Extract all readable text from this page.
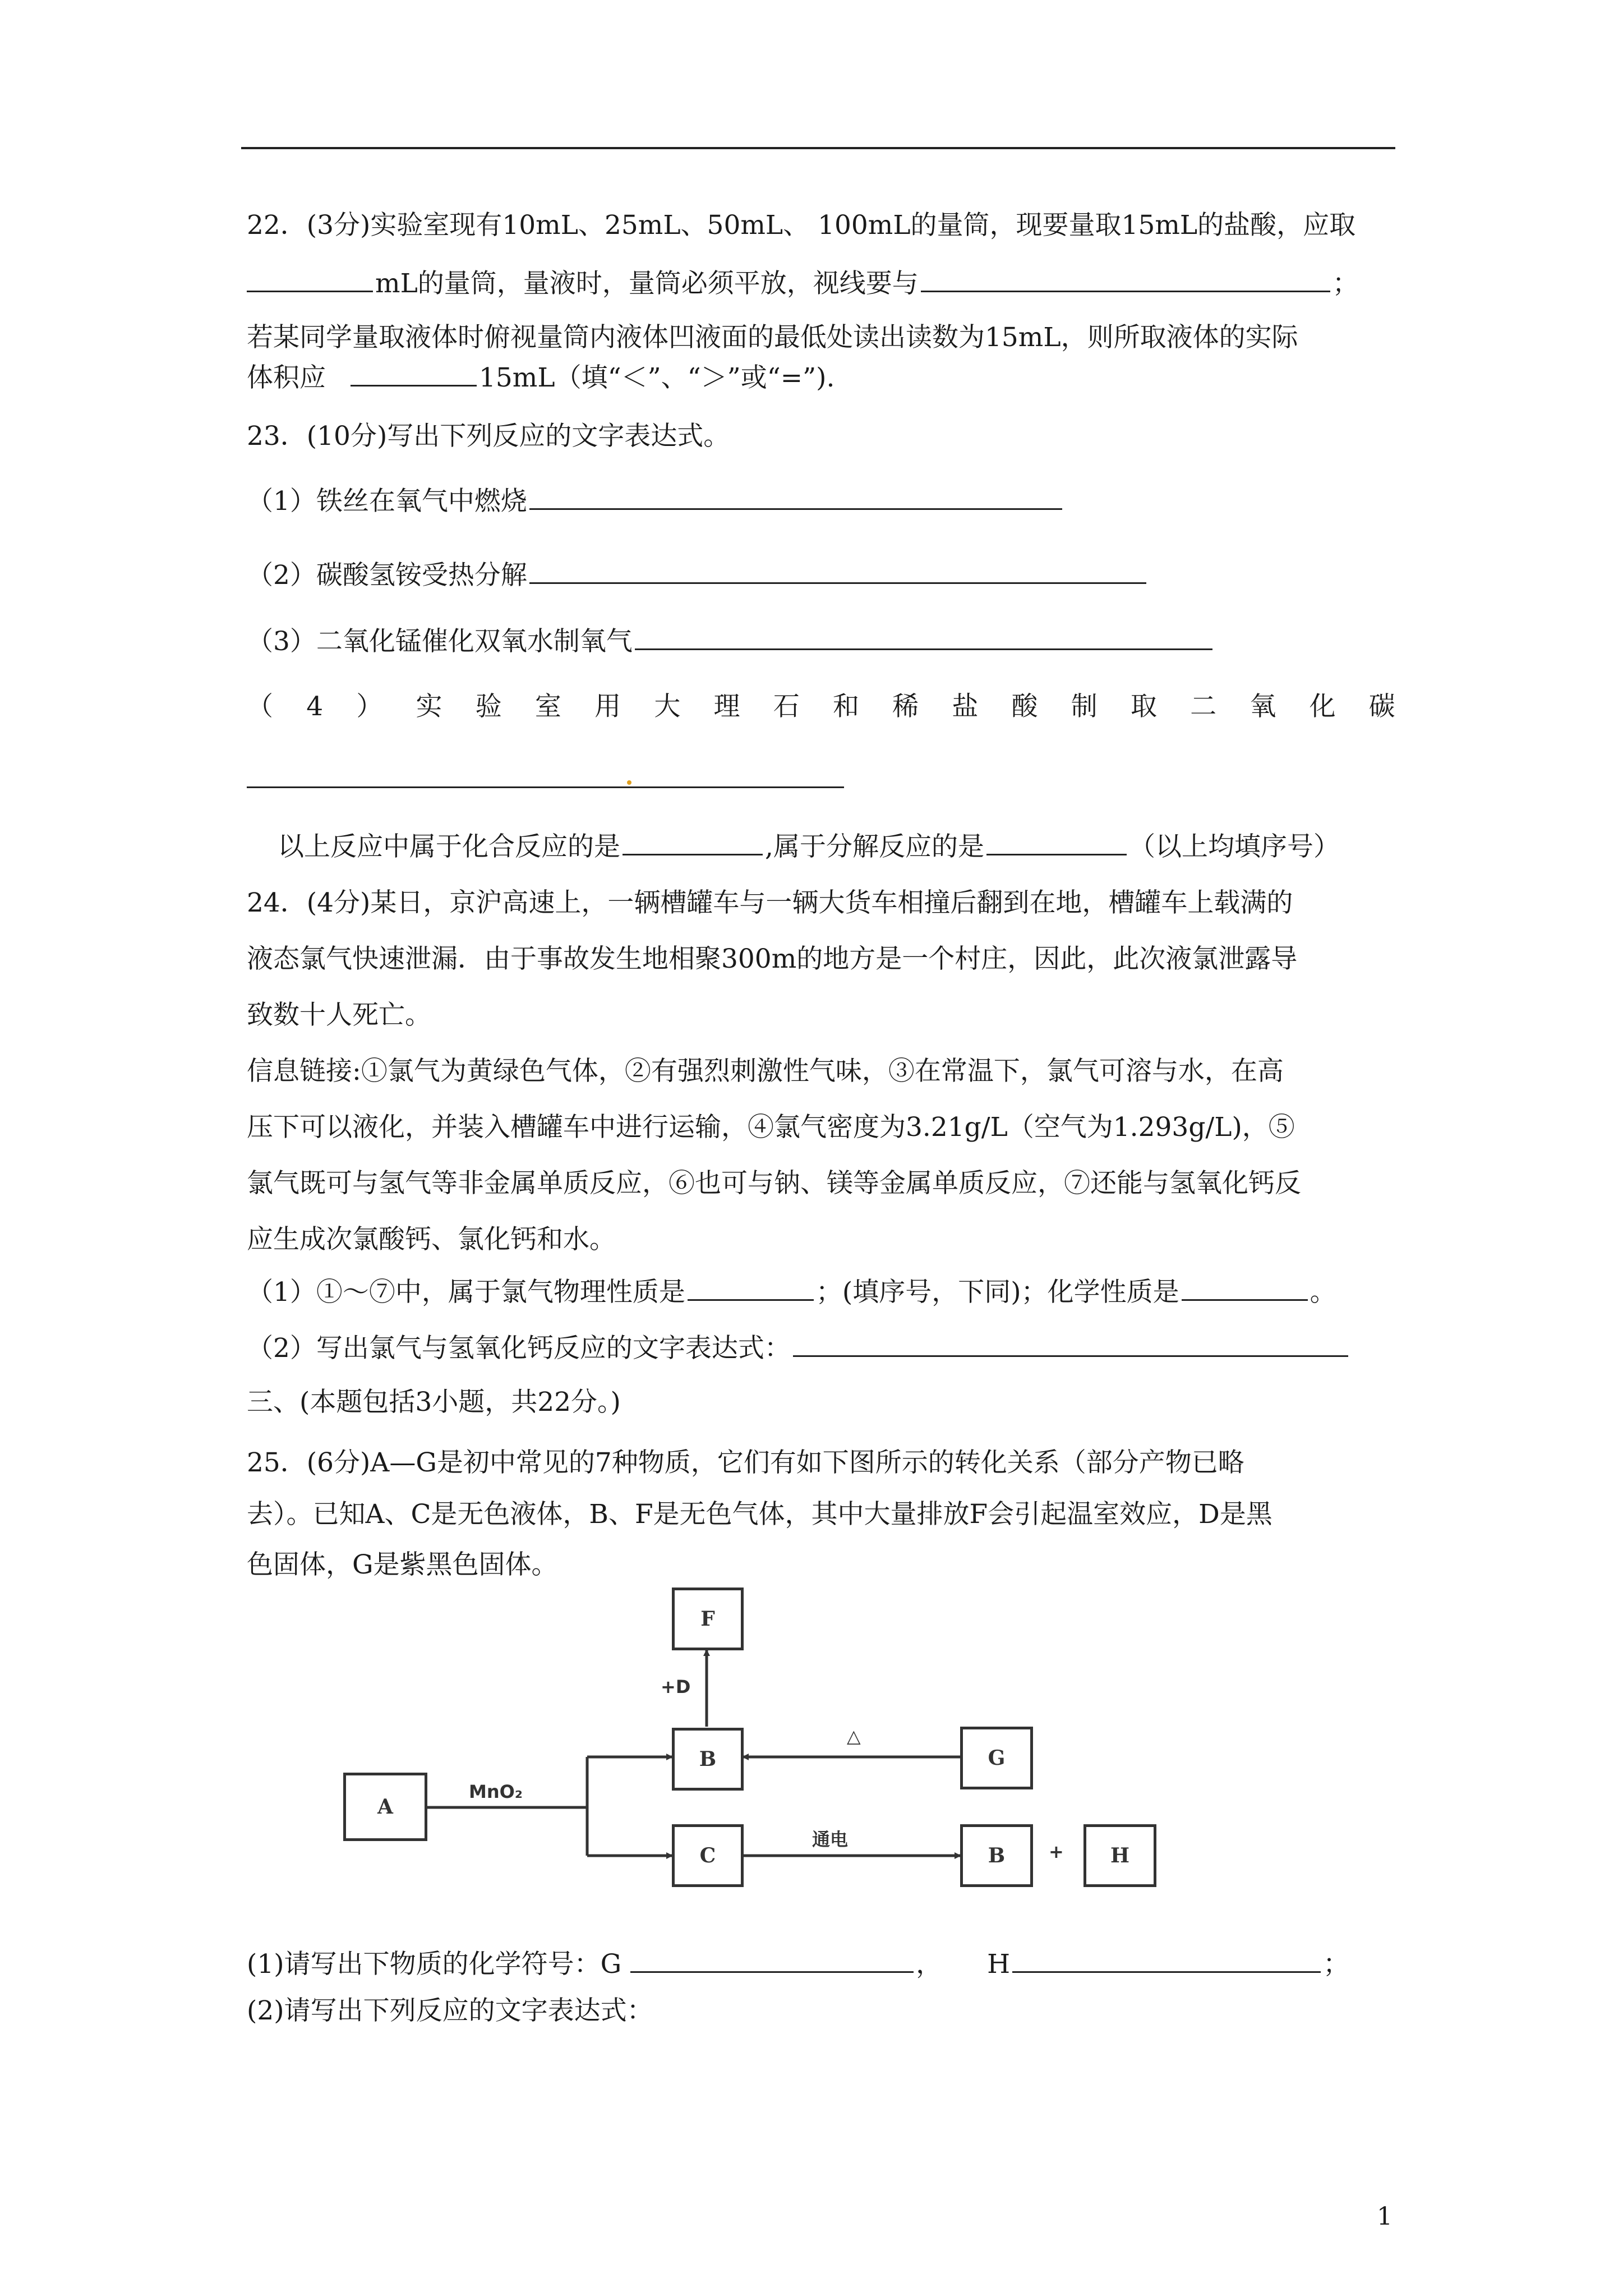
22．(3分)实验室现有10mL、25mL、50mL、 100mL的量筒，现要量取15mL的盐酸，应取
mL的量筒，量液时，量筒必须平放，视线要与	；
若某同学量取液体时俯视量筒内液体凹液面的最低处读出读数为15mL，则所取液体的实际
体积应	15mL（填“＜”、“＞”或“=”).
23．(10分)写出下列反应的文字表达式。
（1）铁丝在氧气中燃烧
（2）碳酸氢铵受热分解
（3）二氧化锰催化双氧水制氧气
（ 4 ） 实 验 室 用 大 理 石 和 稀 盐 酸 制 取 二 氧 化 碳
以上反应中属于化合反应的是	,属于分解反应的是	（以上均填序号）
24．(4分)某日，京沪高速上，一辆槽罐车与一辆大货车相撞后翻到在地，槽罐车上载满的
液态氯气快速泄漏．由于事故发生地相聚300m的地方是一个村庄，因此，此次液氯泄露导
致数十人死亡。
信息链接:①氯气为黄绿色气体，②有强烈刺激性气味，③在常温下，氯气可溶与水，在高
压下可以液化，并装入槽罐车中进行运输，④氯气密度为3.21g/L（空气为1.293g/L)，⑤
氯气既可与氢气等非金属单质反应，⑥也可与钠、镁等金属单质反应，⑦还能与氢氧化钙反
应生成次氯酸钙、氯化钙和水。
（1）①～⑦中，属于氯气物理性质是	；(填序号，下同)；化学性质是	。
（2）写出氯气与氢氧化钙反应的文字表达式：
三、(本题包括3小题，共22分。)
25．(6分)A—G是初中常见的7种物质，它们有如下图所示的转化关系（部分产物已略
去）。已知A、C是无色液体，B、F是无色气体，其中大量排放F会引起温室效应，D是黑
色固体，G是紫黑色固体。
A
B
C
F
G
B	H
MnO₂
+D
△
通电
+
(1)请写出下物质的化学符号：G	， H	；
(2)请写出下列反应的文字表达式：
1
